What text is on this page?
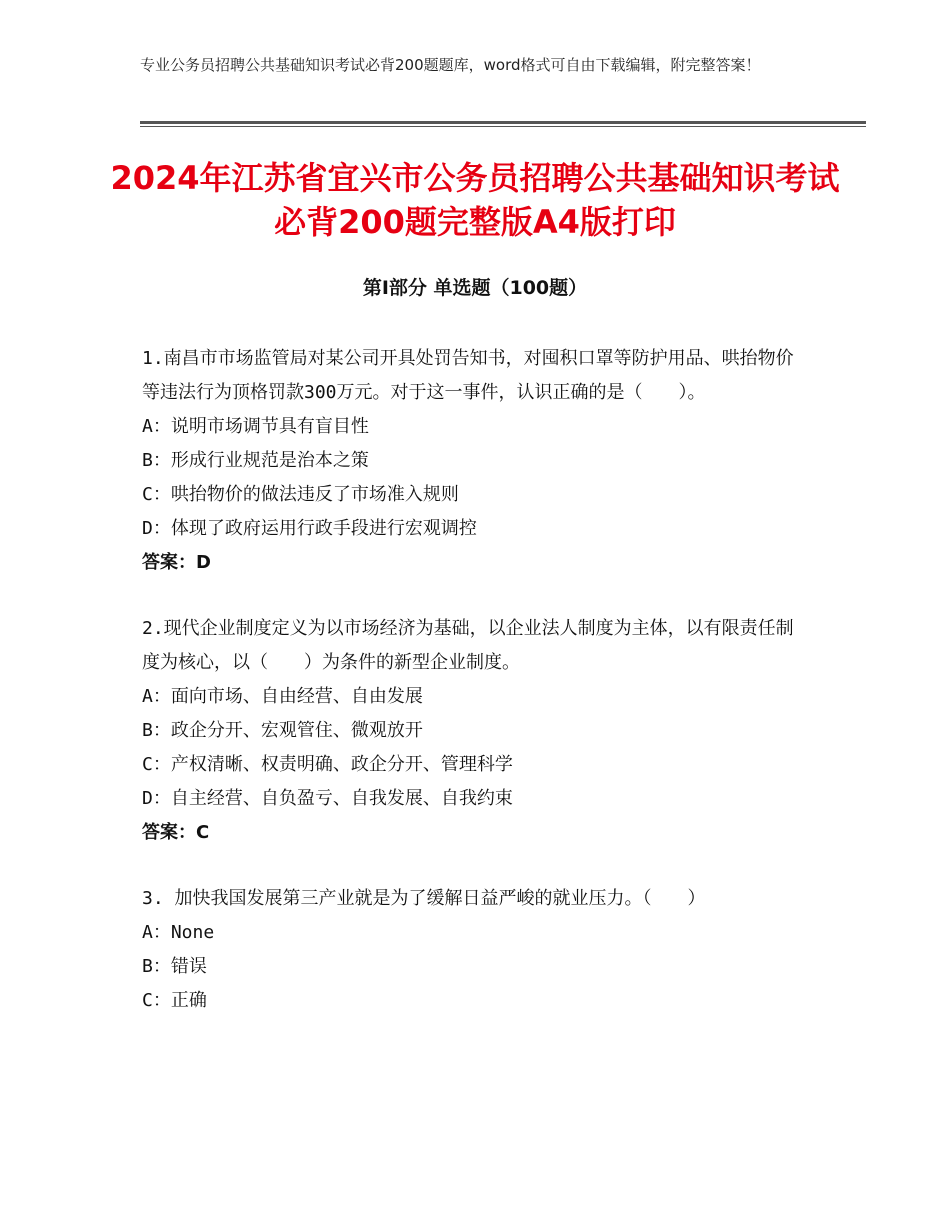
专业公务员招聘公共基础知识考试必背200题题库，word格式可自由下载编辑，附完整答案！
2024年江苏省宜兴市公务员招聘公共基础知识考试必背200题完整版A4版打印
第I部分 单选题（100题）
1.南昌市市场监管局对某公司开具处罚告知书，对囤积口罩等防护用品、哄抬物价等违法行为顶格罚款300万元。对于这一事件，认识正确的是（　　）。
A：说明市场调节具有盲目性
B：形成行业规范是治本之策
C：哄抬物价的做法违反了市场准入规则
D：体现了政府运用行政手段进行宏观调控
答案：D
2.现代企业制度定义为以市场经济为基础，以企业法人制度为主体，以有限责任制度为核心，以（　　）为条件的新型企业制度。
A：面向市场、自由经营、自由发展
B：政企分开、宏观管住、微观放开
C：产权清晰、权责明确、政企分开、管理科学
D：自主经营、自负盈亏、自我发展、自我约束
答案：C
3. 加快我国发展第三产业就是为了缓解日益严峻的就业压力。（　　）
A：None
B：错误
C：正确
